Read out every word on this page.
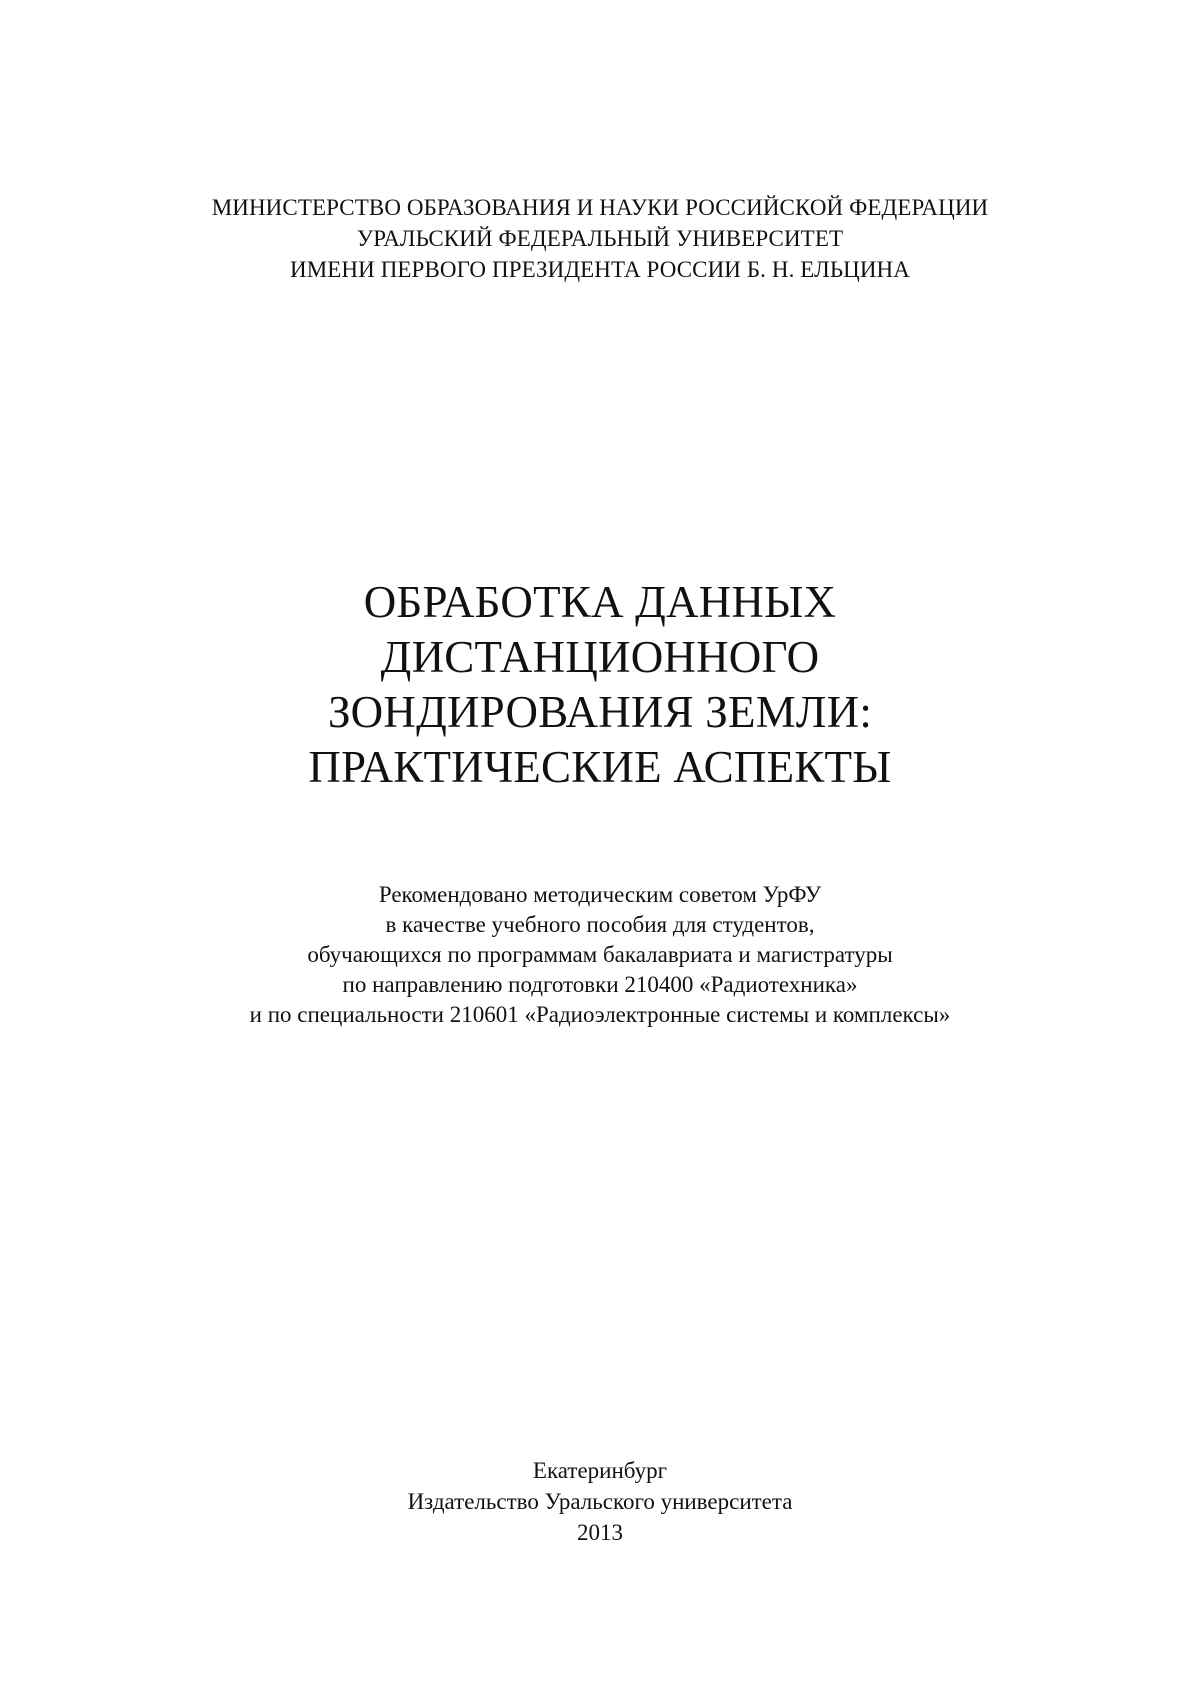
МИНИСТЕРСТВО ОБРАЗОВАНИЯ И НАУКИ РОССИЙСКОЙ ФЕДЕРАЦИИ
УРАЛЬСКИЙ ФЕДЕРАЛЬНЫЙ УНИВЕРСИТЕТ
ИМЕНИ ПЕРВОГО ПРЕЗИДЕНТА РОССИИ Б. Н. ЕЛЬЦИНА
ОБРАБОТКА ДАННЫХ
ДИСТАНЦИОННОГО
ЗОНДИРОВАНИЯ ЗЕМЛИ:
ПРАКТИЧЕСКИЕ АСПЕКТЫ
Рекомендовано методическим советом УрФУ
в качестве учебного пособия для студентов,
обучающихся по программам бакалавриата и магистратуры
по направлению подготовки 210400 «Радиотехника»
и по специальности 210601 «Радиоэлектронные системы и комплексы»
Екатеринбург
Издательство Уральского университета
2013
